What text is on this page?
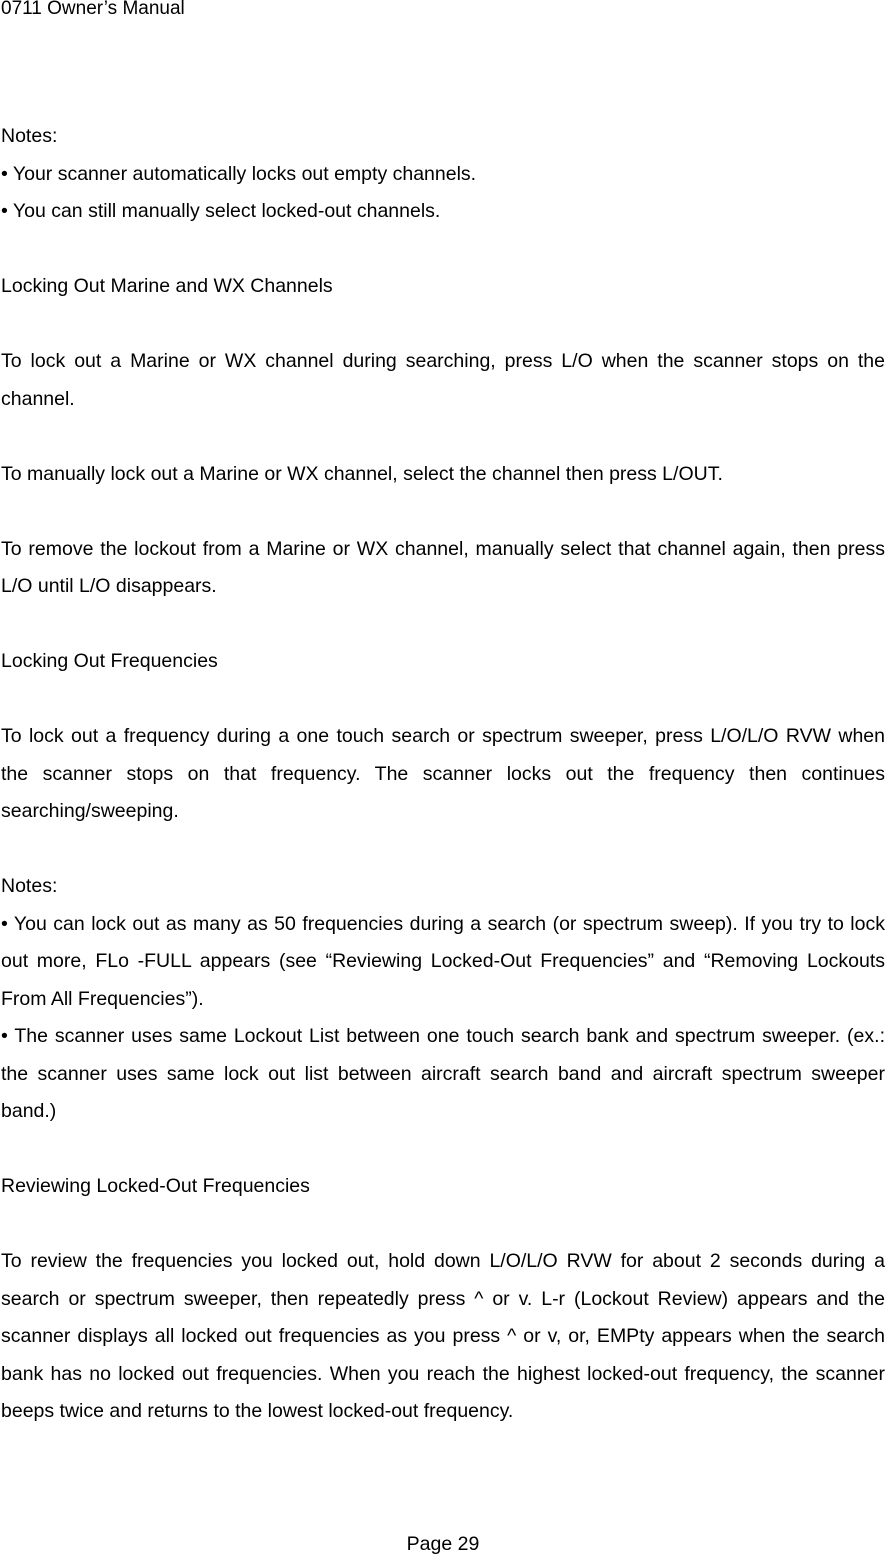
0711 Owner’s Manual

Notes:

• Your scanner automatically locks out empty channels.

• You can still manually select locked-out channels.

Locking Out Marine and WX Channels

To lock out a Marine or WX channel during searching, press L/O when the scanner stops on the channel.

To manually lock out a Marine or WX channel, select the channel then press L/OUT.

To remove the lockout from a Marine or WX channel, manually select that channel again, then press L/O until L/O disappears.

Locking Out Frequencies

To lock out a frequency during a one touch search or spectrum sweeper, press L/O/L/O RVW when the scanner stops on that frequency. The scanner locks out the frequency then continues searching/sweeping.

Notes:

• You can lock out as many as 50 frequencies during a search (or spectrum sweep). If you try to lock out more, FLo -FULL appears (see “Reviewing Locked-Out Frequencies” and “Removing Lockouts From All Frequencies”).

• The scanner uses same Lockout List between one touch search bank and spectrum sweeper. (ex.: the scanner uses same lock out list between aircraft search band and aircraft spectrum sweeper band.)

Reviewing Locked-Out Frequencies

To review the frequencies you locked out, hold down L/O/L/O RVW for about 2 seconds during a search or spectrum sweeper, then repeatedly press ^ or v. L-r (Lockout Review) appears and the scanner displays all locked out frequencies as you press ^ or v, or, EMPty appears when the search bank has no locked out frequencies. When you reach the highest locked-out frequency, the scanner beeps twice and returns to the lowest locked-out frequency.

Page 29
